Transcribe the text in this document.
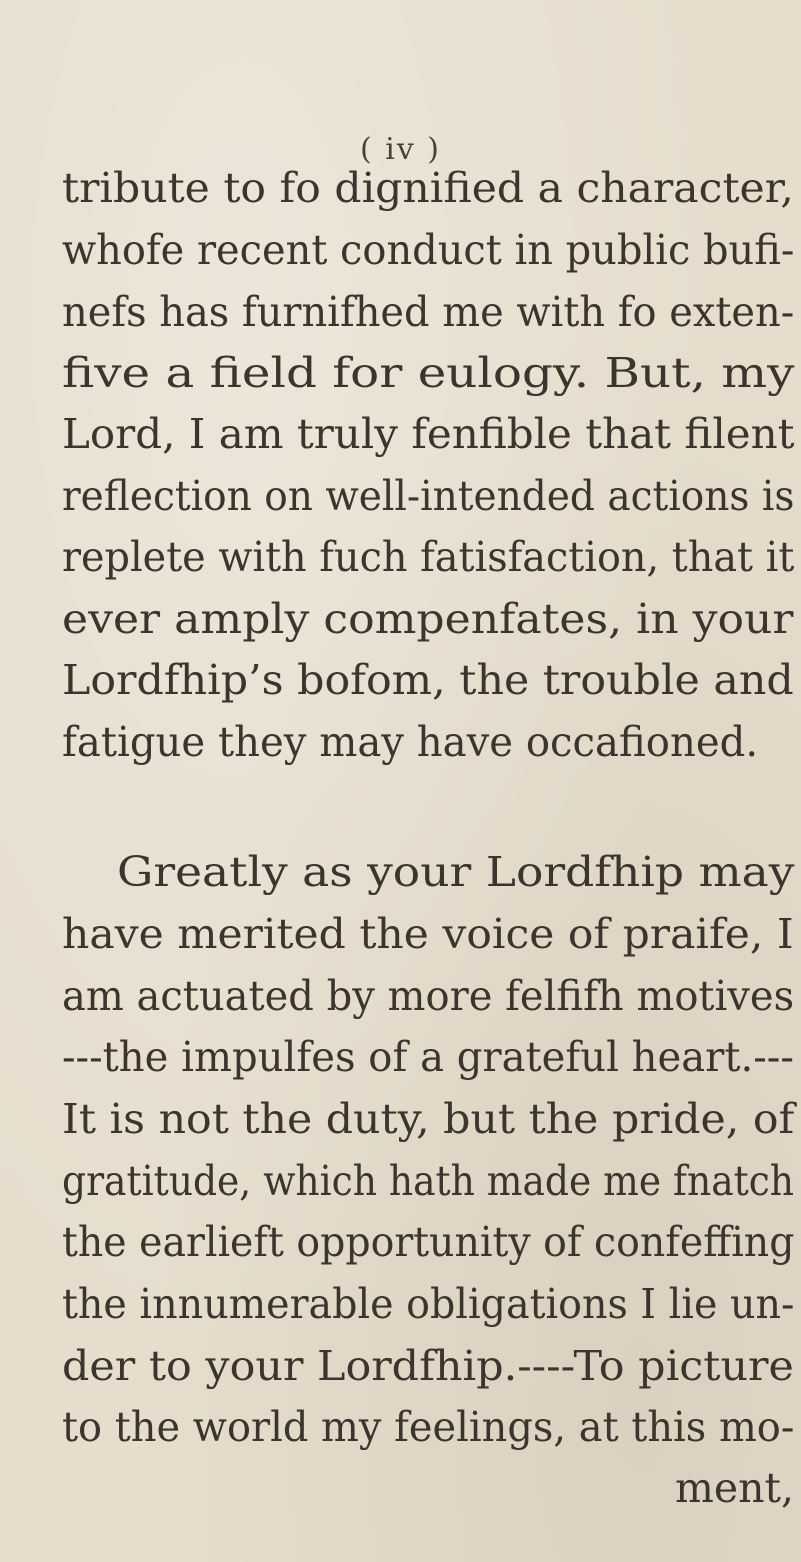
( iv )
tribute to fo dignified a character,
whofe recent conduct in public bufi-
nefs has furnifhed me with fo exten-
five a field for eulogy. But, my
Lord, I am truly fenfible that filent
reflection on well-intended actions is
replete with fuch fatisfaction, that it
ever amply compenfates, in your
Lordfhip’s bofom, the trouble and
fatigue they may have occafioned.
Greatly as your Lordfhip may
have merited the voice of praife, I
am actuated by more felfifh motives
---the impulfes of a grateful heart.---
It is not the duty, but the pride, of
gratitude, which hath made me fnatch
the earlieft opportunity of confeffing
the innumerable obligations I lie un-
der to your Lordfhip.----To picture
to the world my feelings, at this mo-
ment,
